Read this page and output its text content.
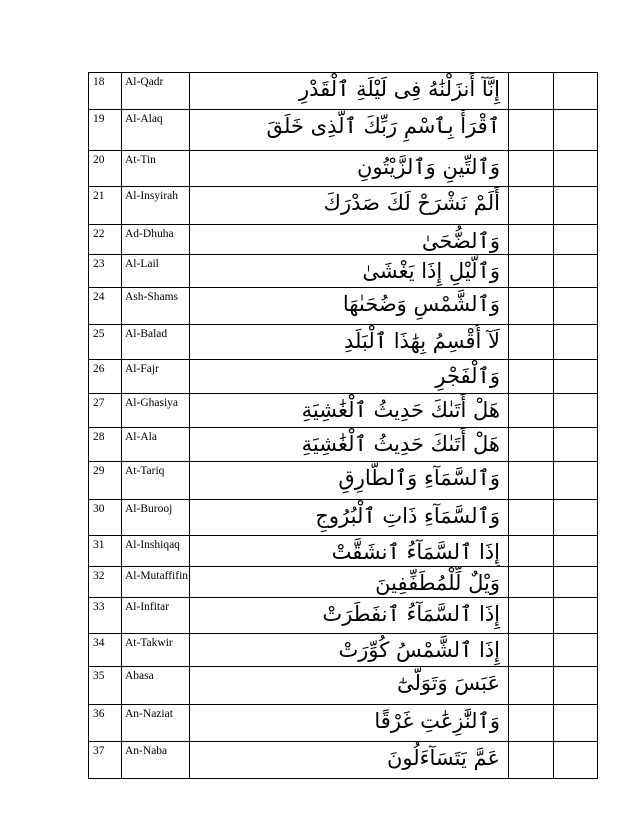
18	Al-Qadr	إِنَّآ أَنزَلْنَٰهُ فِى لَيْلَةِ ٱلْقَدْرِ		
19	Al-Alaq	ٱقْرَأْ بِٱسْمِ رَبِّكَ ٱلَّذِى خَلَقَ		
20	At-Tin	وَٱلتِّينِ وَٱلزَّيْتُونِ		
21	Al-Insyirah	أَلَمْ نَشْرَحْ لَكَ صَدْرَكَ		
22	Ad-Dhuha	وَٱلضُّحَىٰ		
23	Al-Lail	وَٱلَّيْلِ إِذَا يَغْشَىٰ		
24	Ash-Shams	وَٱلشَّمْسِ وَضُحَىٰهَا		
25	Al-Balad	لَآ أُقْسِمُ بِهَٰذَا ٱلْبَلَدِ		
26	Al-Fajr	وَٱلْفَجْرِ		
27	Al-Ghasiya	هَلْ أَتَىٰكَ حَدِيثُ ٱلْغَٰشِيَةِ		
28	Al-Ala	هَلْ أَتَىٰكَ حَدِيثُ ٱلْغَٰشِيَةِ		
29	At-Tariq	وَٱلسَّمَآءِ وَٱلطَّارِقِ		
30	Al-Burooj	وَٱلسَّمَآءِ ذَاتِ ٱلْبُرُوجِ		
31	Al-Inshiqaq	إِذَا ٱلسَّمَآءُ ٱنشَقَّتْ		
32	Al-Mutaffifin	وَيْلٌ لِّلْمُطَفِّفِينَ		
33	Al-Infitar	إِذَا ٱلسَّمَآءُ ٱنفَطَرَتْ		
34	At-Takwir	إِذَا ٱلشَّمْسُ كُوِّرَتْ		
35	Abasa	عَبَسَ وَتَوَلَّىٰٓ		
36	An-Naziat	وَٱلنَّٰزِعَٰتِ غَرْقًا		
37	An-Naba	عَمَّ يَتَسَآءَلُونَ		
